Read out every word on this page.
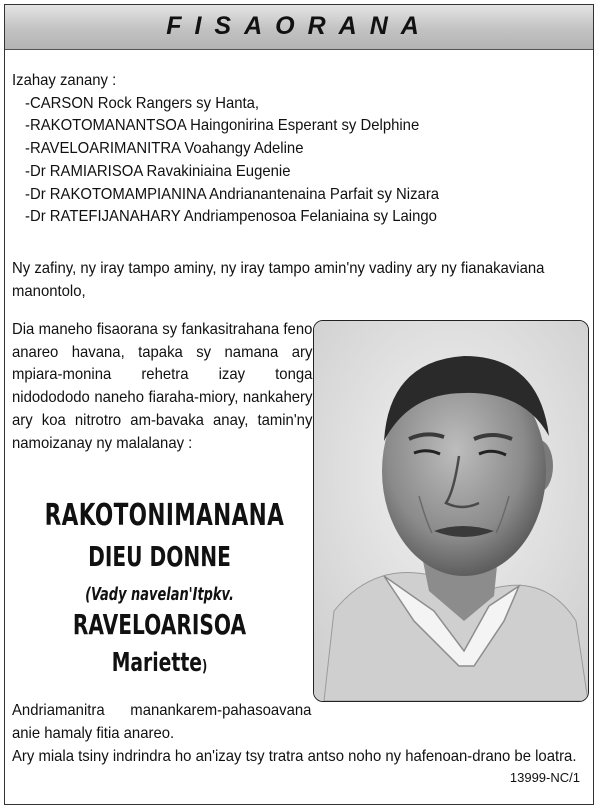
FISAORANA
Izahay zanany :
-CARSON Rock Rangers sy Hanta,
-RAKOTOMANANTSOA Haingonirina Esperant sy Delphine
-RAVELOARIMANITRA Voahangy Adeline
-Dr RAMIARISOA Ravakiniaina Eugenie
-Dr RAKOTOMAMPIANINA Andrianantenaina Parfait sy Nizara
-Dr RATEFIJANAHARY Andriampenosoa Felaniaina sy Laingo
Ny zafiny, ny iray tampo aminy, ny iray tampo amin'ny vadiny ary ny fianakaviana manontolo,
Dia maneho fisaorana sy fankasitrahana feno anareo havana, tapaka sy namana ary mpiara-monina rehetra izay tonga nidodododo naneho fiaraha-miory, nankahery ary koa nitrotro am-bavaka anay, tamin'ny namoizanay ny malalanay :
RAKOTONIMANANA
DIEU DONNE
(Vady navelan'Itpkv.
RAVELOARISOA
Mariette)
Andriamanitra manankarem-pahasoavana anie hamaly fitia anareo.
Ary miala tsiny indrindra ho an'izay tsy tratra antso noho ny hafenoan-drano be loatra.
13999-NC/1
